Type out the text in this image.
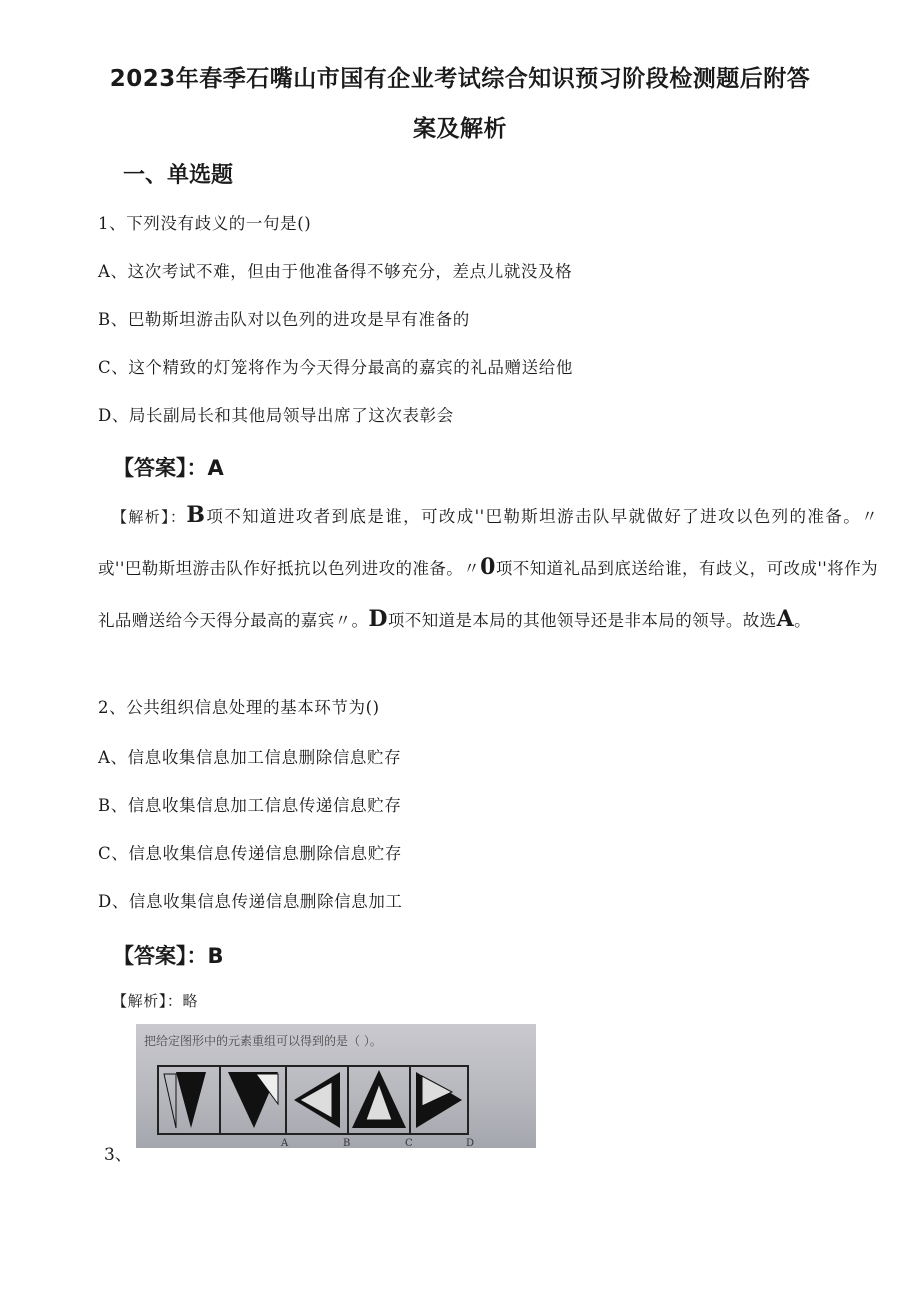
2023年春季石嘴山市国有企业考试综合知识预习阶段检测题后附答
案及解析
一、单选题
1、下列没有歧义的一句是()
A、这次考试不难，但由于他准备得不够充分，差点儿就没及格
B、巴勒斯坦游击队对以色列的进攻是早有准备的
C、这个精致的灯笼将作为今天得分最高的嘉宾的礼品赠送给他
D、局长副局长和其他局领导出席了这次表彰会
【答案】：A
【解析】：B项不知道进攻者到底是谁，可改成''巴勒斯坦游击队早就做好了进攻以色列的准备。〃或''巴勒斯坦游击队作好抵抗以色列进攻的准备。〃0项不知道礼品到底送给谁，有歧义，可改成''将作为礼品赠送给今天得分最高的嘉宾〃。D项不知道是本局的其他领导还是非本局的领导。故选A。
2、公共组织信息处理的基本环节为()
A、信息收集信息加工信息删除信息贮存
B、信息收集信息加工信息传递信息贮存
C、信息收集信息传递信息删除信息贮存
D、信息收集信息传递信息删除信息加工
【答案】：B
【解析】：略
把给定图形中的元素重组可以得到的是（ ）。
A	B	C	D
3、
